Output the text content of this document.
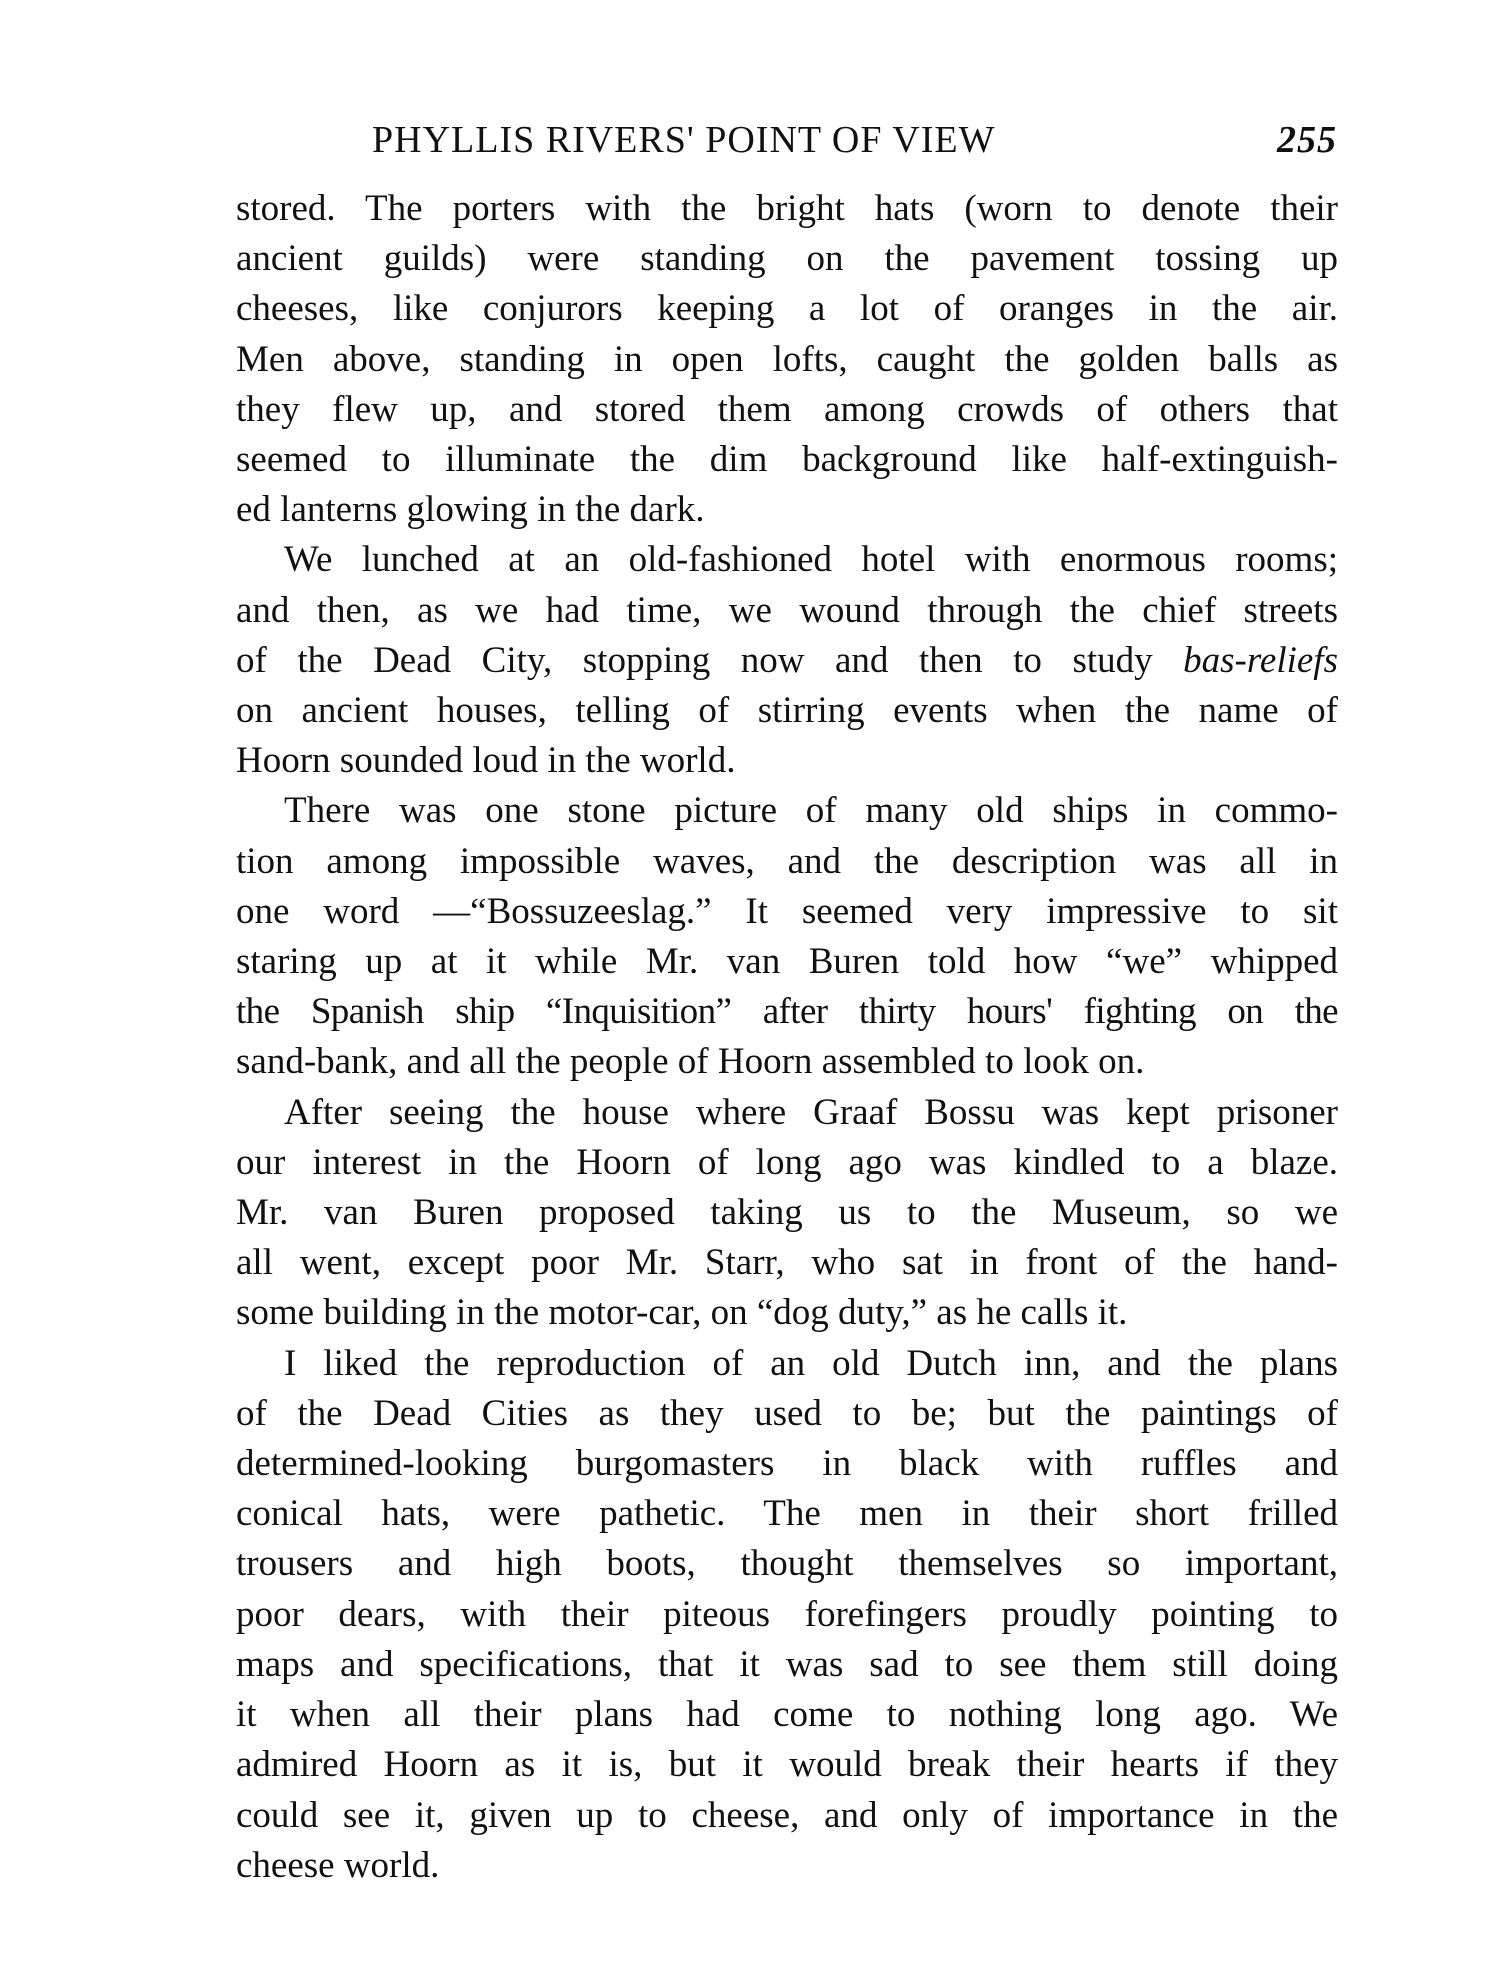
PHYLLIS RIVERS' POINT OF VIEW	255

stored. The porters with the bright hats (worn to denote their
ancient guilds) were standing on the pavement tossing up
cheeses, like conjurors keeping a lot of oranges in the air.
Men above, standing in open lofts, caught the golden balls as
they flew up, and stored them among crowds of others that
seemed to illuminate the dim background like half-extinguish-
ed lanterns glowing in the dark.

We lunched at an old-fashioned hotel with enormous rooms;
and then, as we had time, we wound through the chief streets
of the Dead City, stopping now and then to study bas-reliefs
on ancient houses, telling of stirring events when the name of
Hoorn sounded loud in the world.

There was one stone picture of many old ships in commo-
tion among impossible waves, and the description was all in
one word —“Bossuzeeslag.” It seemed very impressive to sit
staring up at it while Mr. van Buren told how “we” whipped
the Spanish ship “Inquisition” after thirty hours' fighting on the
sand-bank, and all the people of Hoorn assembled to look on.

After seeing the house where Graaf Bossu was kept prisoner
our interest in the Hoorn of long ago was kindled to a blaze.
Mr. van Buren proposed taking us to the Museum, so we
all went, except poor Mr. Starr, who sat in front of the hand-
some building in the motor-car, on “dog duty,” as he calls it.

I liked the reproduction of an old Dutch inn, and the plans
of the Dead Cities as they used to be; but the paintings of
determined-looking burgomasters in black with ruffles and
conical hats, were pathetic. The men in their short frilled
trousers and high boots, thought themselves so important,
poor dears, with their piteous forefingers proudly pointing to
maps and specifications, that it was sad to see them still doing
it when all their plans had come to nothing long ago. We
admired Hoorn as it is, but it would break their hearts if they
could see it, given up to cheese, and only of importance in the
cheese world.
